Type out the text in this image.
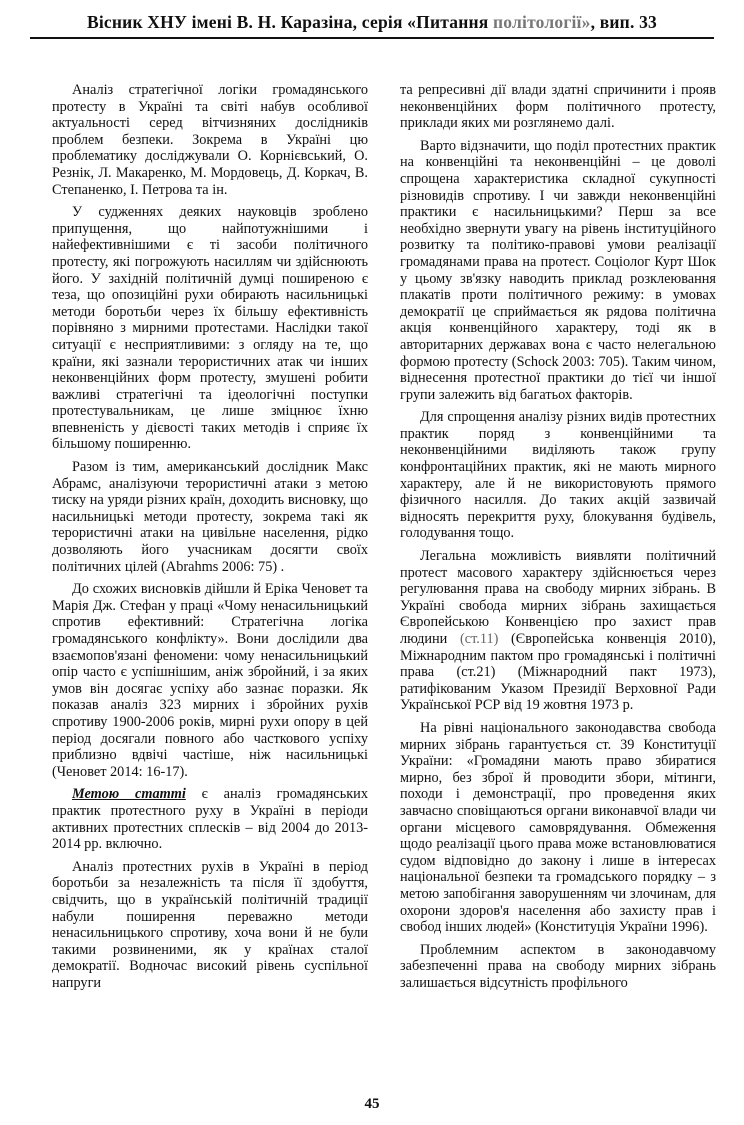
Вісник ХНУ імені В. Н. Каразіна, серія «Питання політології», вип. 33

Аналіз стратегічної логіки громадянського протесту в Україні та світі набув особливої актуальності серед вітчизняних дослідників проблем безпеки. Зокрема в Україні цю проблематику досліджували О. Корнієвський, О. Резнік, Л. Макаренко, М. Мордовець, Д. Коркач, В. Степаненко, І. Петрова та ін.

У судженнях деяких науковців зроблено припущення, що найпотужнішими і найефективнішими є ті засоби політичного протесту, які погрожують насиллям чи здійснюють його. У західній політичній думці поширеною є теза, що опозиційні рухи обирають насильницькі методи боротьби через їх більшу ефективність порівняно з мирними протестами. Наслідки такої ситуації є несприятливими: з огляду на те, що країни, які зазнали терористичних атак чи інших неконвенційних форм протесту, змушені робити важливі стратегічні та ідеологічні поступки протестувальникам, це лише зміцнює їхню впевненість у дієвості таких методів і сприяє їх більшому поширенню.

Разом із тим, американський дослідник Макс Абрамс, аналізуючи терористичні атаки з метою тиску на уряди різних країн, доходить висновку, що насильницькі методи протесту, зокрема такі як терористичні атаки на цивільне населення, рідко дозволяють його учасникам досягти своїх політичних цілей (Abrahms 2006: 75) .

До схожих висновків дійшли й Еріка Ченовет та Марія Дж. Стефан у праці «Чому ненасильницький спротив ефективний: Стратегічна логіка громадянського конфлікту». Вони дослідили два взаємопов'язані феномени: чому ненасильницький опір часто є успішнішим, аніж збройний, і за яких умов він досягає успіху або зазнає поразки. Як показав аналіз 323 мирних і збройних рухів спротиву 1900-2006 років, мирні рухи опору в цей період досягали повного або часткового успіху приблизно вдвічі частіше, ніж насильницькі (Ченовет 2014: 16-17).

Метою статті є аналіз громадянських практик протестного руху в Україні в періоди активних протестних сплесків – від 2004 до 2013-2014 рр. включно.

Аналіз протестних рухів в Україні в період боротьби за незалежність та після її здобуття, свідчить, що в українській політичній традиції набули поширення переважно методи ненасильницького спротиву, хоча вони й не були такими розвиненими, як у країнах сталої демократії. Водночас високий рівень суспільної напруги

та репресивні дії влади здатні спричинити і прояв неконвенційних форм політичного протесту, приклади яких ми розглянемо далі.

Варто відзначити, що поділ протестних практик на конвенційні та неконвенційні – це доволі спрощена характеристика складної сукупності різновидів спротиву. І чи завжди неконвенційні практики є насильницькими? Перш за все необхідно звернути увагу на рівень інституційного розвитку та політико-правові умови реалізації громадянами права на протест. Соціолог Курт Шок у цьому зв'язку наводить приклад розклеювання плакатів проти політичного режиму: в умовах демократії це сприймається як рядова політична акція конвенційного характеру, тоді як в авторитарних державах вона є часто нелегальною формою протесту (Schock 2003: 705). Таким чином, віднесення протестної практики до тієї чи іншої групи залежить від багатьох факторів.

Для спрощення аналізу різних видів протестних практик поряд з конвенційними та неконвенційними виділяють також групу конфронтаційних практик, які не мають мирного характеру, але й не використовують прямого фізичного насилля. До таких акцій зазвичай відносять перекриття руху, блокування будівель, голодування тощо.

Легальна можливість виявляти політичний протест масового характеру здійснюється через регулювання права на свободу мирних зібрань. В Україні свобода мирних зібрань захищається Європейською Конвенцією про захист прав людини (ст.11) (Європейська конвенція 2010), Міжнародним пактом про громадянські і політичні права (ст.21) (Міжнародний пакт 1973), ратифікованим Указом Президії Верховної Ради Української РСР від 19 жовтня 1973 р.

На рівні національного законодавства свобода мирних зібрань гарантується ст. 39 Конституції України: «Громадяни мають право збиратися мирно, без зброї й проводити збори, мітинги, походи і демонстрації, про проведення яких завчасно сповіщаються органи виконавчої влади чи органи місцевого самоврядування. Обмеження щодо реалізації цього права може встановлюватися судом відповідно до закону і лише в інтересах національної безпеки та громадського порядку – з метою запобігання заворушенням чи злочинам, для охорони здоров'я населення або захисту прав і свобод інших людей» (Конституція України 1996).

Проблемним аспектом в законодавчому забезпеченні права на свободу мирних зібрань залишається відсутність профільного

45
